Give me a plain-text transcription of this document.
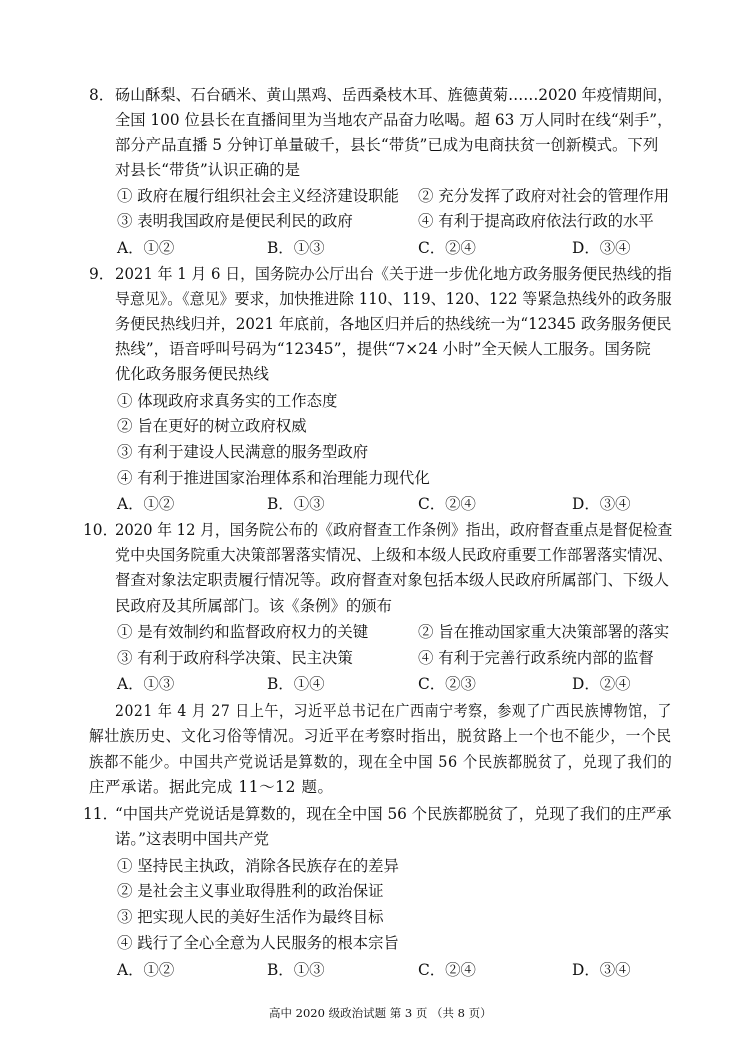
8． 砀山酥梨、石台硒米、黄山黑鸡、岳西桑枝木耳、旌德黄菊……2020 年疫情期间，
全国 100 位县长在直播间里为当地农产品奋力吆喝。超 63 万人同时在线“剁手”，
部分产品直播 5 分钟订单量破千，县长“带货”已成为电商扶贫一创新模式。下列
对县长“带货”认识正确的是
① 政府在履行组织社会主义经济建设职能 ② 充分发挥了政府对社会的管理作用
③ 表明我国政府是便民利民的政府	④ 有利于提高政府依法行政的水平
A．①②	B．①③	C．②④	D．③④
9． 2021 年 1 月 6 日，国务院办公厅出台《关于进一步优化地方政务服务便民热线的指
导意见》。《意见》要求，加快推进除 110、119、120、122 等紧急热线外的政务服
务便民热线归并，2021 年底前，各地区归并后的热线统一为“12345 政务服务便民
热线”，语音呼叫号码为“12345”，提供“7×24 小时”全天候人工服务。国务院
优化政务服务便民热线
① 体现政府求真务实的工作态度
② 旨在更好的树立政府权威
③ 有利于建设人民满意的服务型政府
④ 有利于推进国家治理体系和治理能力现代化
A．①②	B．①③	C．②④	D．③④
10．
2020 年 12 月，国务院公布的《政府督查工作条例》指出，政府督查重点是督促检查
党中央国务院重大决策部署落实情况、上级和本级人民政府重要工作部署落实情况、
督查对象法定职责履行情况等。政府督查对象包括本级人民政府所属部门、下级人
民政府及其所属部门。该《条例》的颁布
① 是有效制约和监督政府权力的关键	② 旨在推动国家重大决策部署的落实
③ 有利于政府科学决策、民主决策	④ 有利于完善行政系统内部的监督
A．①③	B．①④	C．②③	D．②④
2021 年 4 月 27 日上午，习近平总书记在广西南宁考察，参观了广西民族博物馆，了
解壮族历史、文化习俗等情况。习近平在考察时指出，脱贫路上一个也不能少，一个民
族都不能少。中国共产党说话是算数的，现在全中国 56 个民族都脱贫了，兑现了我们的
庄严承诺。据此完成 11～12 题。
11．
“中国共产党说话是算数的，现在全中国 56 个民族都脱贫了，兑现了我们的庄严承
诺。”这表明中国共产党
① 坚持民主执政，消除各民族存在的差异
② 是社会主义事业取得胜利的政治保证
③ 把实现人民的美好生活作为最终目标
④ 践行了全心全意为人民服务的根本宗旨
A．①②	B．①③	C．②④	D．③④
高中 2020 级政治试题 第 3 页 （共 8 页）
